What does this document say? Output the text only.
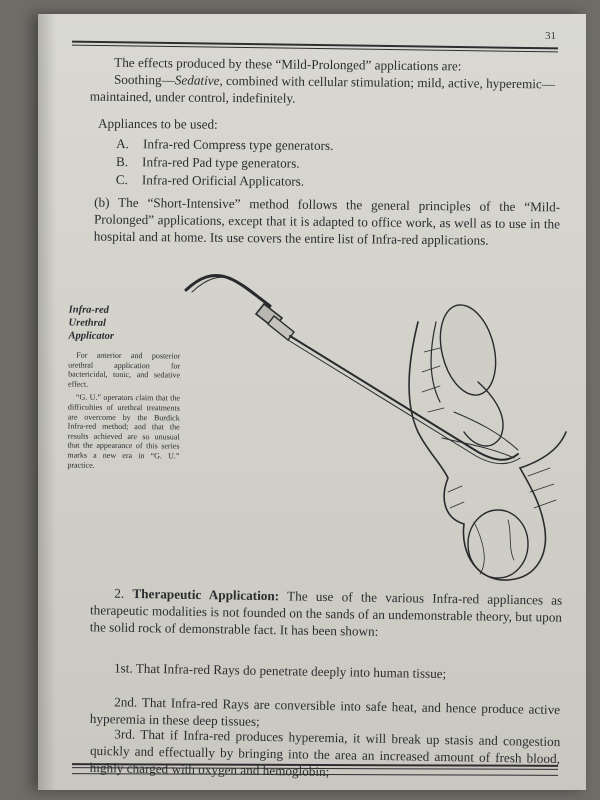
31

The effects produced by these “Mild-Prolonged” applications are:
Soothing—Sedative, combined with cellular stimulation; mild, active, hyperemic—maintained, under control, indefinitely.

Appliances to be used:

A. Infra-red Compress type generators.
B. Infra-red Pad type generators.
C. Infra-red Orificial Applicators.

(b) The “Short-Intensive” method follows the general principles of the “Mild-Prolonged” applications, except that it is adapted to office work, as well as to use in the hospital and at home. Its use covers the entire list of Infra-red applications.

Infra-red
Urethral
Applicator

For anterior and posterior urethral application for bactericidal, tonic, and sedative effect.

“G. U.” operators claim that the difficulties of urethral treatments are overcome by the Burdick Infra-red method; and that the results achieved are so unusual that the appearance of this series marks a new era in “G. U.” practice.

2. Therapeutic Application: The use of the various Infra-red appliances as therapeutic modalities is not founded on the sands of an undemonstrable theory, but upon the solid rock of demonstrable fact. It has been shown:

1st. That Infra-red Rays do penetrate deeply into human tissue;

2nd. That Infra-red Rays are conversible into safe heat, and hence produce active hyperemia in these deep tissues;

3rd. That if Infra-red produces hyperemia, it will break up stasis and congestion quickly and effectually by bringing into the area an increased amount of fresh blood, highly charged with oxygen and hemoglobin;
